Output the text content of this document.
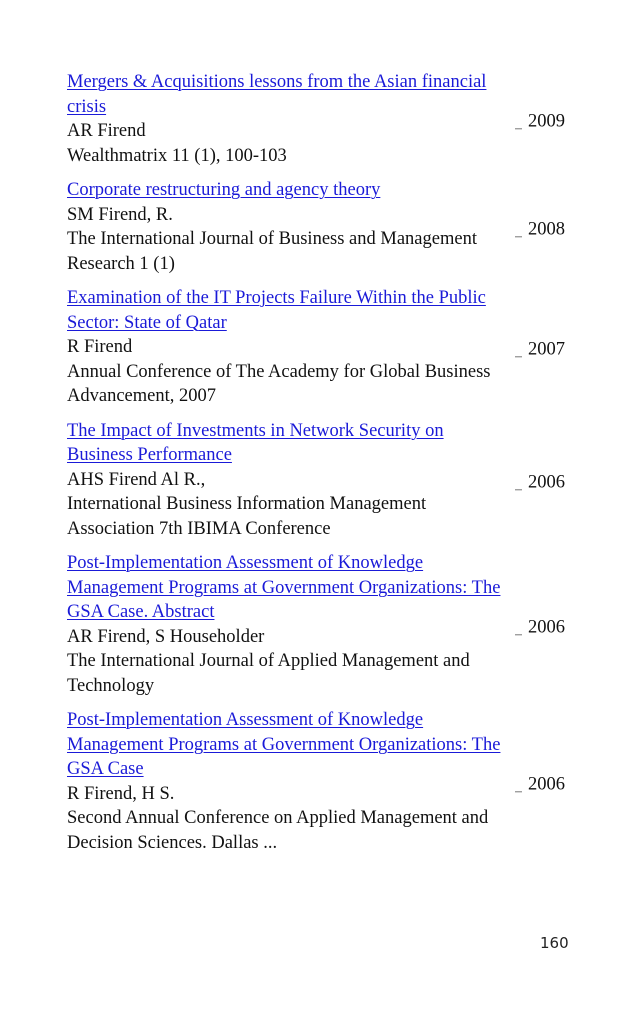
Mergers & Acquisitions lessons from the Asian financial crisis
AR Firend
Wealthmatrix 11 (1), 100-103
2009
Corporate restructuring and agency theory
SM Firend, R.
The International Journal of Business and Management Research 1 (1)
2008
Examination of the IT Projects Failure Within the Public Sector: State of Qatar
R Firend
Annual Conference of The Academy for Global Business Advancement, 2007
2007
The Impact of Investments in Network Security on Business Performance
AHS Firend Al R.,
International Business Information Management Association 7th IBIMA Conference
2006
Post-Implementation Assessment of Knowledge Management Programs at Government Organizations: The GSA Case. Abstract
AR Firend, S Householder
The International Journal of Applied Management and Technology
2006
Post-Implementation Assessment of Knowledge Management Programs at Government Organizations: The GSA Case
R Firend, H S.
Second Annual Conference on Applied Management and Decision Sciences. Dallas ...
2006
160
